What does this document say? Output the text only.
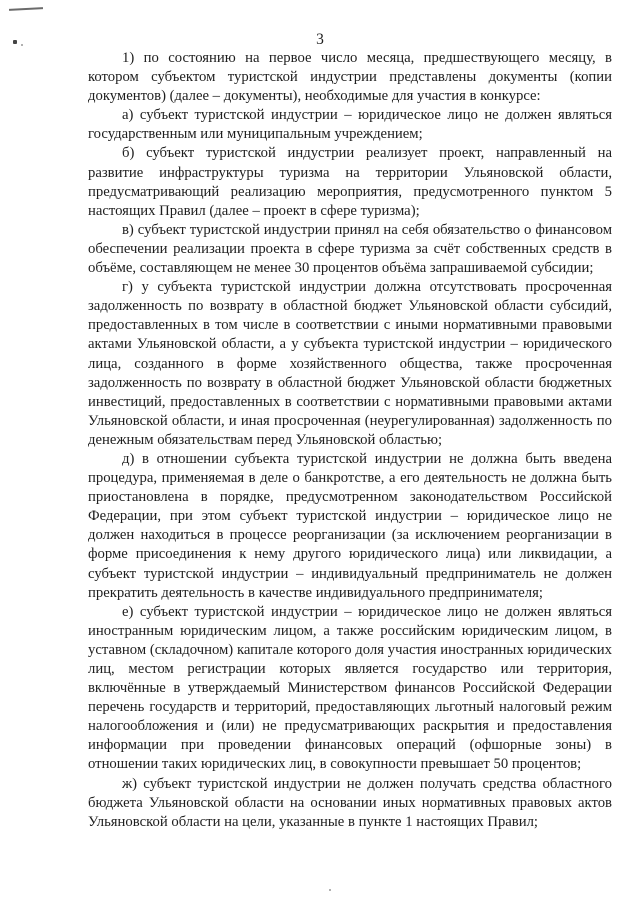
3

1) по состоянию на первое число месяца, предшествующего месяцу, в котором субъектом туристской индустрии представлены документы (копии документов) (далее – документы), необходимые для участия в конкурсе:

а) субъект туристской индустрии – юридическое лицо не должен являться государственным или муниципальным учреждением;

б) субъект туристской индустрии реализует проект, направленный на развитие инфраструктуры туризма на территории Ульяновской области, предусматривающий реализацию мероприятия, предусмотренного пунктом 5 настоящих Правил (далее – проект в сфере туризма);

в) субъект туристской индустрии принял на себя обязательство о финансовом обеспечении реализации проекта в сфере туризма за счёт собственных средств в объёме, составляющем не менее 30 процентов объёма запрашиваемой субсидии;

г) у субъекта туристской индустрии должна отсутствовать просроченная задолженность по возврату в областной бюджет Ульяновской области субсидий, предоставленных в том числе в соответствии с иными нормативными правовыми актами Ульяновской области, а у субъекта туристской индустрии – юридического лица, созданного в форме хозяйственного общества, также просроченная задолженность по возврату в областной бюджет Ульяновской области бюджетных инвестиций, предоставленных в соответствии с нормативными правовыми актами Ульяновской области, и иная просроченная (неурегулированная) задолженность по денежным обязательствам перед Ульяновской областью;

д) в отношении субъекта туристской индустрии не должна быть введена процедура, применяемая в деле о банкротстве, а его деятельность не должна быть приостановлена в порядке, предусмотренном законодательством Российской Федерации, при этом субъект туристской индустрии – юридическое лицо не должен находиться в процессе реорганизации (за исключением реорганизации в форме присоединения к нему другого юридического лица) или ликвидации, а субъект туристской индустрии – индивидуальный предприниматель не должен прекратить деятельность в качестве индивидуального предпринимателя;

е) субъект туристской индустрии – юридическое лицо не должен являться иностранным юридическим лицом, а также российским юридическим лицом, в уставном (складочном) капитале которого доля участия иностранных юридических лиц, местом регистрации которых является государство или территория, включённые в утверждаемый Министерством финансов Российской Федерации перечень государств и территорий, предоставляющих льготный налоговый режим налогообложения и (или) не предусматривающих раскрытия и предоставления информации при проведении финансовых операций (офшорные зоны) в отношении таких юридических лиц, в совокупности превышает 50 процентов;

ж) субъект туристской индустрии не должен получать средства областного бюджета Ульяновской области на основании иных нормативных правовых актов Ульяновской области на цели, указанные в пункте 1 настоящих Правил;
